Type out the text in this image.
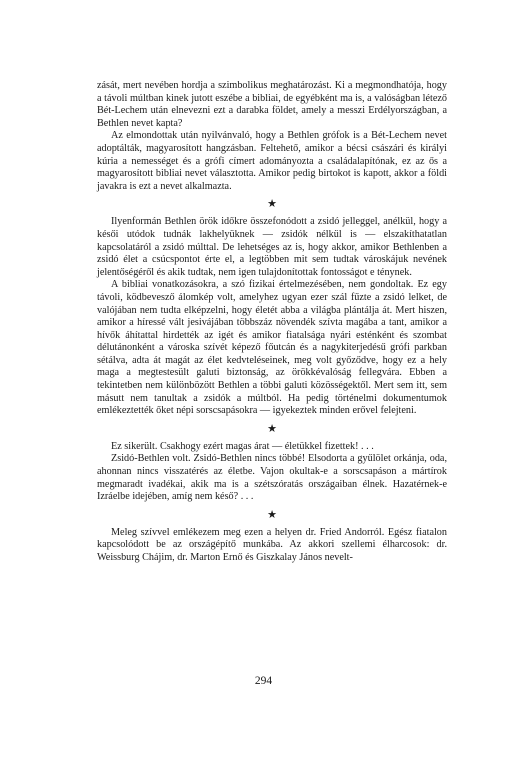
zását, mert nevében hordja a szimbolikus meghatározást. Ki a megmondhatója, hogy a távoli múltban kinek jutott eszébe a bibliai, de egyébként ma is, a valóságban létező Bét-Lechem után elnevezni ezt a darabka földet, amely a messzi Erdélyországban, a Bethlen nevet kapta?

Az elmondottak után nyilvánvaló, hogy a Bethlen grófok is a Bét-Lechem nevet adoptálták, magyarosított hangzásban. Feltehető, amikor a bécsi császári és királyi kúria a nemességet és a grófi címert adományozta a családalapítónak, ez az ős a magyarosított bibliai nevet választotta. Amikor pedig birtokot is kapott, akkor a földi javakra is ezt a nevet alkalmazta.

★

Ilyenformán Bethlen örök időkre összefonódott a zsidó jelleggel, anélkül, hogy a késői utódok tudnák lakhelyüknek — zsidók nélkül is — elszakíthatatlan kapcsolatáról a zsidó múlttal. De lehetséges az is, hogy akkor, amikor Bethlenben a zsidó élet a csúcspontot érte el, a legtöbben mit sem tudtak városkájuk nevének jelentőségéről és akik tudtak, nem igen tulajdonítottak fontosságot e ténynek.

A bibliai vonatkozásokra, a szó fizikai értelmezésében, nem gondoltak. Ez egy távoli, ködbevesző álomkép volt, amelyhez ugyan ezer szál fűzte a zsidó lelket, de valójában nem tudta elképzelni, hogy életét abba a világba plántálja át. Mert hiszen, amikor a híressé vált jesivájában többszáz növendék szívta magába a tant, amikor a hívők áhítattal hirdették az igét és amikor fiatalsága nyári esténként és szombat délutánonként a városka szívét képező főutcán és a nagykiterjedésű grófi parkban sétálva, adta át magát az élet kedvteléseinek, meg volt győződve, hogy ez a hely maga a megtestesült galuti biztonság, az örökkévalóság fellegvára. Ebben a tekintetben nem különbözött Bethlen a többi galuti közösségektől. Mert sem itt, sem másutt nem tanultak a zsidók a múltból. Ha pedig történelmi dokumentumok emlékeztették őket népi sorscsapásokra — igyekeztek minden erővel felejteni.

★

Ez sikerült. Csakhogy ezért magas árat — életükkel fizettek! . . .

Zsidó-Bethlen volt. Zsidó-Bethlen nincs többé! Elsodorta a gyűlölet orkánja, oda, ahonnan nincs visszatérés az életbe. Vajon okultak-e a sorscsapáson a mártírok megmaradt ivadékai, akik ma is a szétszóratás országaiban élnek. Hazatérnek-e Izráelbe idejében, amíg nem késő? . . .

★

Meleg szívvel emlékezem meg ezen a helyen dr. Fried Andorról. Egész fiatalon kapcsolódott be az országépítő munkába. Az akkori szellemi élharcosok: dr. Weissburg Chájim, dr. Marton Ernő és Giszkalay János nevelt-

294
